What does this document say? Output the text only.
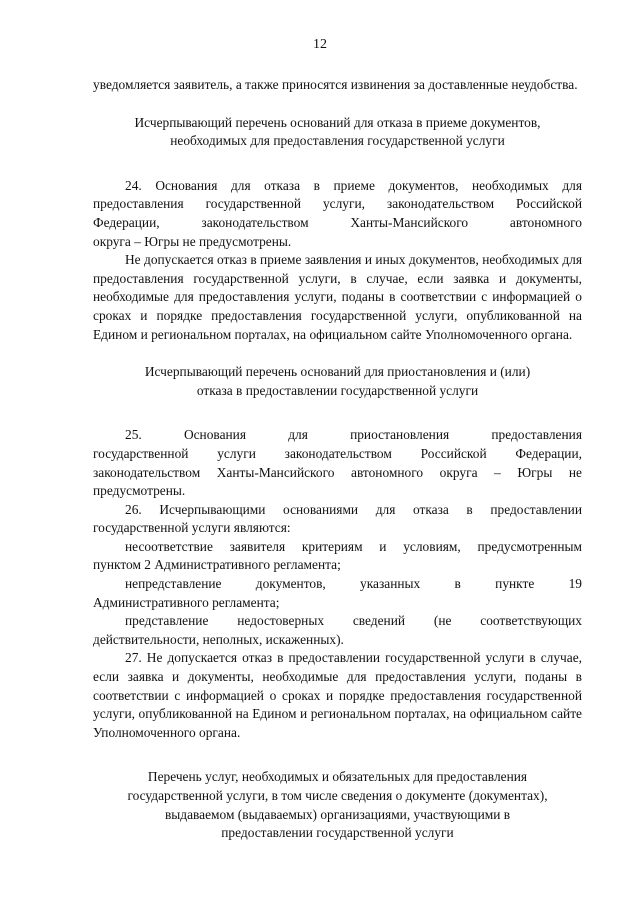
12

уведомляется заявитель, а также приносятся извинения за доставленные неудобства.

Исчерпывающий перечень оснований для отказа в приеме документов,

необходимых для предоставления государственной услуги

24. Основания для отказа в приеме документов, необходимых для

предоставления государственной услуги, законодательством Российской

Федерации, законодательством Ханты-Мансийского автономного

округа – Югры не предусмотрены.

Не допускается отказ в приеме заявления и иных документов, необходимых для предоставления государственной услуги, в случае, если заявка и документы, необходимые для предоставления услуги, поданы в соответствии с информацией о сроках и порядке предоставления государственной услуги, опубликованной на Едином и региональном порталах, на официальном сайте Уполномоченного органа.

Исчерпывающий перечень оснований для приостановления и (или)

отказа в предоставлении государственной услуги

25. Основания для приостановления предоставления

государственной услуги законодательством Российской Федерации, законодательством Ханты-Мансийского автономного округа – Югры не предусмотрены.

26. Исчерпывающими основаниями для отказа в предоставлении государственной услуги являются:

несоответствие заявителя критериям и условиям, предусмотренным

пунктом 2 Административного регламента;

непредставление документов, указанных в пункте 19

Административного регламента;

представление недостоверных сведений (не соответствующих

действительности, неполных, искаженных).

27. Не допускается отказ в предоставлении государственной услуги в случае, если заявка и документы, необходимые для предоставления услуги, поданы в соответствии с информацией о сроках и порядке предоставления государственной услуги, опубликованной на Едином и региональном порталах, на официальном сайте Уполномоченного органа.

Перечень услуг, необходимых и обязательных для предоставления

государственной услуги, в том числе сведения о документе (документах),

выдаваемом (выдаваемых) организациями, участвующими в

предоставлении государственной услуги
